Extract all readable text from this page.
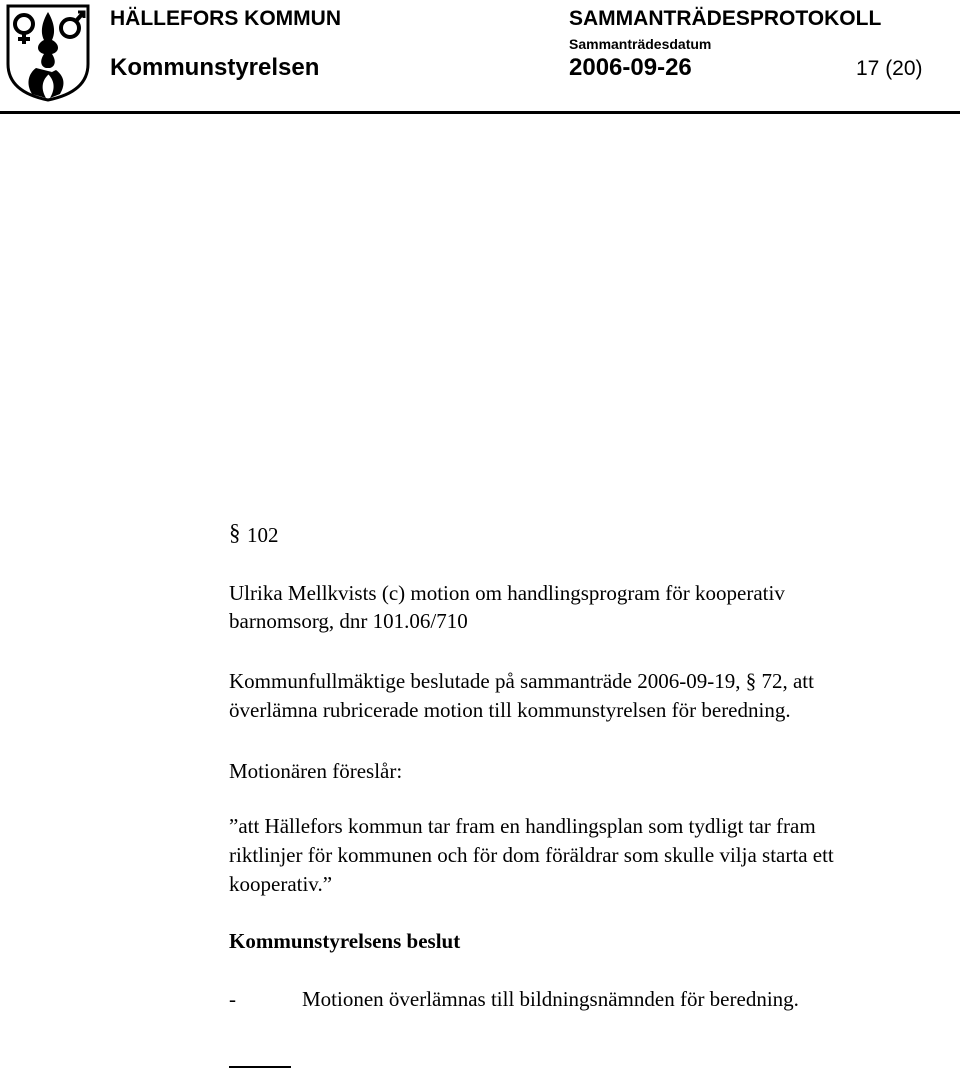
HÄLLEFORS KOMMUN	SAMMANTRÄDESPROTOKOLL
Sammanträdesdatum
Kommunstyrelsen	2006-09-26	17 (20)
§ 102
Ulrika Mellkvists (c) motion om handlingsprogram för kooperativ
barnomsorg, dnr 101.06/710
Kommunfullmäktige beslutade på sammanträde 2006-09-19, § 72, att
överlämna rubricerade motion till kommunstyrelsen för beredning.
Motionären föreslår:
”att Hällefors kommun tar fram en handlingsplan som tydligt tar fram
riktlinjer för kommunen och för dom föräldrar som skulle vilja starta ett
kooperativ.”
Kommunstyrelsens beslut
-	Motionen överlämnas till bildningsnämnden för beredning.
